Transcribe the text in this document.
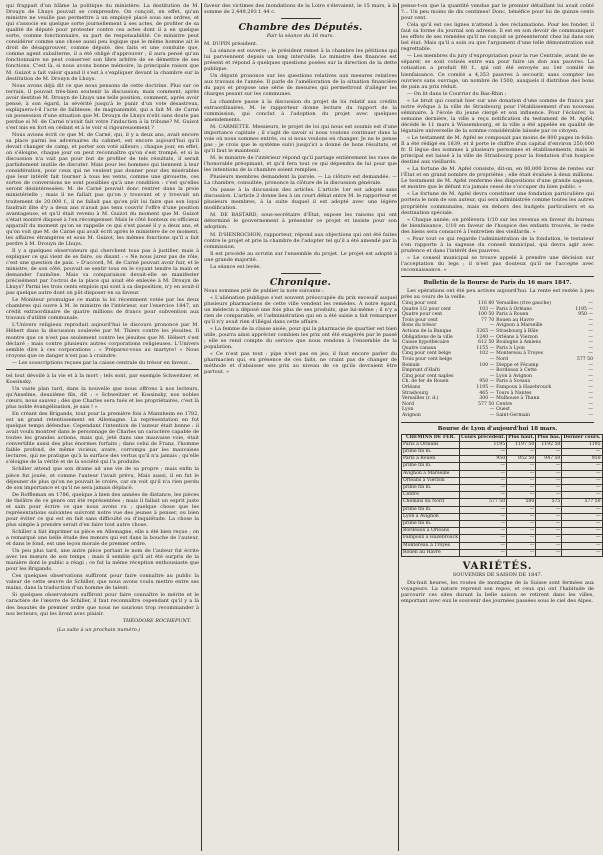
qui frappait d'un blâme la politique du ministère. La destitution de M. Drouyn de Lhuys pouvait se comprendre. On conçoit, en effet, qu'un ministre ne veuille pas permettre à un employé placé sous ses ordres, et qui s'associe en quelque sorte journellement à ses actes, de profiter de sa qualité de député pour protester contre ces actes dont il a en quelque sorte, comme fonctionnaire, sa part de responsabilité. Ce ministre peut considérer comme une chose aussi peu logique que le même homme ait le droit de désapprouver, comme député, des faits et une conduite que, comme agent subalterne, il a été obligé d'approuver ; il aura pensé qu'un fonctionnaire ne peut conserver son libre arbitre de se démettre de ses fonctions. C'est là, si nous avons bonne mémoire, la principale raison que M. Guizot a fait valoir quand il s'est à s'expliquer devant la chambre sur la destitution de M. Drouyn de Lhuys.

Nous avons déjà dit ce que nous pensons de cette doctrine. Plus sur ce terrain, il pouvait très-bien soutenir la discussion; mais comment, après avoir destitué M. Drouyn de Lhuys une telle position, comment, après avoir pensé, à son égard, la sévérité jusqu'à le punir d'un vote désastreux, expliquera-t-il l'acte de faiblesse, de magnanimité, qui a fait M. de Carné un possession d'une situation que M. Drouyn de Lhuys n'eût sans doute pas perdue si M. de Carné n'avait fait votre l'induction à la tribune? M. Guizot s'est mis en fort en cédant et à le voir si rigoureusement ?

Nous avions écrit ce que M. de Carné, qui, il y a deux ans, avait encore sa place parmi les adversaires du cabinet, est encore aujourd'hui qu'il devait changer de camp, et porter son voté ailleurs ; chaque jour, en effet, on s'éloigne, chaque jour on peut reconnaître qu'on s'est trompé, et si la discussion n'a vait pas pour but de profiter de tels résultats, il serait parfaitement inutile de discuter. Mais pour les hommes qui tiennent à leur considération, pour ceux qui ne veulent pas donner pour des misérables que leur intérêt fait tourner à tous les vents, comme une girouette, ces sortes de conversions ne sont possibles qu'à une condition : c'est qu'elles seront désintéressées. M. de Carné pouvait donc rentrer dans la proie ministérielle ; mais il ne fallait pas qu'on y trouvant et y trouvait un traitement de 20,000 f., il ne fallait pas qu'en pût lui faire que son loyal faudrait ilite d'y a deux ans n'avait pas tenu couvrir l'offre d'une position avantageuse, et qu'il était revenu à M. Guizot du moment que M. Guizot s'était montré disposé à l'en récompenser. Mais le côté honteux ou officieux apparaît du moment qu'on se rappelle ce qui s'est passé il y a deux ans, et qu'on voit que M. de Carné qui avait écrit après le ministère de ce moment, les affaires étrangères et sous M. Guizot, les mêmes fonctions qu'il a fait perdre à M. Drouyn de Lhuys.

Il y a quelques observateurs qui cherchent tous pas à justifier, mais à expliquer ce qui vient de se faire, ou disant : « Ne nous jurez pas de rôle, c'est une question de paix. » D'accord, M. de Carné pouvait avoir fuir, et le ministre, de son côté, pouvait se sentir tous en le voyant tendre la main et demander l'aumône. Mais va comparaison devait-elle se manifester précisément par l'octroi de la place qui avait été enlevée à M. Drouyn de Lhuys? Parmi les trois cents emplois qui sont à sa disposition, n'y en avait-il pas quelque autre dont on pût disposer en sa faveur.

Le Moniteur promulgue ce matin la loi récemment votée par les deux chambres qui ouvre à M. le ministre de l'intérieur, sur l'exercice 1847, un crédit extraordinaire de quatre millions de francs pour subvention aux travaux d'utilité communale.

L'Univers religieux reproduit aujourd'hui le discours prononcé par M. Hébert dans la discussion soulevée par M. Thiers contre les jésuites. Il montre que ce n'est pas seulement contre les jésuites que M. Hébert s'est déclaré ; mais contre plusieurs autres corporations religieuses. L'Univers semble dire à ces corporations : « Préparez-vous au martyre! » Nous croyons que ce danger n'est pas à craindre.

— Les souscriptions reçues par la caisse centrale du trésor en faveur...

tel tout dévoilé à la vie et à la mort ; tels sont, par exemple Schweitzer, et Kossinsky.

Un vaste plan tard, dans la nouvelle que nous offrons à nos lecteurs, qu'Anselme, deuxième fils, dit : « Schweitzer et Kossinsky, nos nobles cœurs, nous sauvez ; dès que Charles sera tués et les propriétaires, c'est là plus noble évangélisation, je sais ! »

En créant des Brigands, tout pour la première fois à Mannheim en 1782, est un grand retentissement en Allemagne. La représentation en fut quelque temps défendue. Cependant l'intention de l'auteur était bonne : il avait voulu montrer dans le personnage de Charles un caractère capable de toutes les grandes actions, mais qui, jeté dans une mauvaise voie, était convertible aussi des plus énormes forfaits ; dans celui de Franz, l'homme faible profond, de même vicieux, avare, corrompu par les mauvaises lectures, qui ne pratique qu'à la surface des vertus qu'il n'a jamais ; qu'elle s'éloigne de la vérité et de la société qui l'a produite.

Schiller attend que son drame ait une vie de sa propre ; mais enfin la pièce fut jouée, et comme l'auteur l'avait prévu, Mais aussi, il en fut le déjeuner de plus qu'on ne pouvait le croire, car on voit qu'il n'a rien perdu de son importance et qu'il ne sera jamais déplacé.

De Roffleman en 1786, quelque à bien des années de distance, les pièces de théâtre de ce genre ont été représentées ; mais il fallait un esprit juste et sain pour écrire ce que nous avons vu ; quelque chose que les représentations suivantes suivront notre vue des jeunes à penser, ou bien pour éviter ce qui est en fait sans difficulté ou d'inquiétude. La chose la plus simple à prendre serait d'en faire tout autre chose.

Schiller a fait imprimer sa pièce en Allemagne, elle a été bien reçue ; on a remarqué une belle étude des mœurs qui est dans la bouche de l'auteur, et dans le fond, est une leçon morale de premier ordre.

Un peu plus tard, une autre pièce portant le nom de l'auteur fut écrite avec les mœurs de son temps ; mais il semble qu'il ait été surpris de la manière dont le public a réagi ; ce fut la même réception enthousiaste que pour les Brigands.

Ces quelques observations suffiront pour faire connaître au public la valeur de cette œuvre de Schiller, que nous avons voulu mettre entre ses mains, dans la traduction d'un homme de talent.

Si quelques observateurs suffiront pour faire connaître le mérite et le caractère de l'œuvre de Schiller, il faut reconnaître cependant qu'il y a là des beautés de premier ordre que nous ne saurions trop recommander à nos lecteurs, qui les liront avec plaisir.

THÉODORE ROCHEPUNT.
(La suite à un prochain numéro.)

faveur des victimes des inondations de la Loire s'élevaient, le 15 mars, à la somme de 2,449,293 f. 44 c.

Chambre des Députés.
Pair la séance du 16 mars.

M. DUPIN président.

La séance est ouverte ; le président remet à la chambre les pétitions qui lui parviennent depuis un long intervalle. Le ministre des finances est présent et répond à quelques questions posées sur la direction de la dette publique.

Un député prononce sur les questions relatives aux mesures relatives aux travaux de l'année. Il parle de l'amélioration de la situation financière du pays et propose une série de mesures qui permettront d'alléger les charges pesant sur les communes.

La chambre passe à la discussion du projet de loi relatif aux crédits extraordinaires. M. le rapporteur donne lecture du rapport de la commission, qui conclut à l'adoption du projet avec quelques amendements.

M. CARMETTE. Messieurs, le projet de loi qui nous est soumis est d'une importance capitale ; il s'agit de savoir si nous voulons continuer dans la voie où nous sommes entrés, ou si nous voulons en changer. Je ne le pense pas ; je crois que le système suivi jusqu'ici a donné de bons résultats, et qu'il faut le maintenir.

M. le ministre de l'intérieur répond qu'il partage entièrement les vues de l'honorable préopinant, et qu'il fera tout ce qui dépendra de lui pour que les intentions de la chambre soient remplies.

Plusieurs membres demandent la parole. — La clôture est demandée. — La chambre, consultée, prononce la clôture de la discussion générale.

On passe à la discussion des articles. L'article 1er est adopté sans discussion. L'article 2 donne lieu à un court débat entre M. le rapporteur et plusieurs membres, à la suite duquel il est adopté avec une légère modification.

M. DE BASTARD, sous-secrétaire d'État, expose les raisons qui ont déterminé le gouvernement à présenter ce projet et insiste pour son adoption.

M. D'HENROCHON, rapporteur, répond aux objections qui ont été faites contre le projet et prie la chambre de l'adopter tel qu'il a été amendé par la commission.

Il est procédé au scrutin sur l'ensemble du projet. Le projet est adopté à une grande majorité.

La séance est levée.

Chronique.

Nous sommes prié de publier la note suivante :

« L'aliénation publique s'est souvent préoccupée du prix excessif auquel plusieurs pharmaciens de cette ville vendent les remèdes. À notre égard, un médecin a déposé une fois plus de ses produits, que lui-même ; il n'y a rien de comparable, et l'administration qui en a été saisie a fait remarquer qu'il n'y avait rien d'illégal dans cette affaire.

« La femme de la classe aisée, pour qui la pharmacie de quartier est bien utile, pourra ainsi apprécier combien les prix ont été exagérés par le passé ; elle se rend compte du service que nous rendons à l'ensemble de la population.

« Ce n'est pas tout : pipe n'est pas en jeu; il faut encore parler du pharmacien qui, en présence de ces faits, ne craint pas de changer de méthode et d'abaisser ses prix au niveau de ce qu'ils devraient être partout. »

pense-t-on que la quantité vendue par le premier détaillant lui avait coûté ?... Un peu moins de dix centimes! Donc, bénéfice pour lui de quinze cents pour cent.

Cela qu'il est ces lignes n'attend à des réclamations. Pour les fonder, il faut sa forme du journal son adresse. Il est en son devoir de communiquer les effets de ses remèdes qu'il ne conçoit se présenteront chez lui dans son bel état. Mais qu'il a soin ou que l'argument d'une telle démonstration soit regrettable.

— Les membres du jury d'expropriation pour la rue Centrale, avant de se séparer, se sont cotisés entre eux pour faire un don aux pauvres. La cotisation a produit 80 f., qui ont été envoyés au 1er comité de bienfaisance. Ce comité a 4,353 pauvres à secourir, sans compter les ouvriers sans ouvrage, un nombre de 1500, auxquels il distribue des bons de pain au prix réduit.

— On lit dans le Courrier du Bas-Rhin :

« Le bruit qui courait hier sur une donation d'une somme de francs par notre évêque à la ville de Strasbourg pour l'établissement d'un nouveau séminaire, à l'école du jeune clergé et son influence. Pour l'éclairer, la semaine dernière, la ville a reçu notification du testament de M. Apfel, décédé le 11 mars à Wissembourg, et la ville a été appelée en qualité de légataire universelle de la somme considérable laissée par ce citoyen.

« Le testament de M. Apfel se composait pas moins de 800 pages in-folio. Il a été rédigé en 1839, et il porte le chiffre d'un capital d'environ 250,000 fr. Il lègue des sommes à plusieurs personnes et établissements, mais le principal est laissé à la ville de Strasbourg pour la fondation d'un hospice destiné aux vieillards.

« La fortune de M. Apfel consiste, dit-on, en 80,000 livres de rentes sur l'État et en grand nombre de propriétés ; elle était évaluée à deux millions. Le testament de M. Apfel renferme des dispositions d'une grande sagesse, et montre que le défunt n'a jamais cessé de s'occuper du bien public. »

« Le fortune de M. Apfel devra constituer une fondation particulière qui portera le nom de son auteur, qui sera administrée comme toutes les autres propriétés communales, mais en dehors des budgets particuliers et sa destination spéciale.

« Chaque année, on prélèvera 1/10 sur les revenus en faveur du bureau de bienfaisance, 1/10 en faveur de l'hospice des enfants trouvés, le reste des biens sera consacré à l'entretien des vieillards. »

« Pour tout ce qui regarde l'administration de la fondation, le testateur s'en rapporte à la sagesse du conseil municipal, qui devra agir avec prudence et dans l'intérêt des pauvres.

« Le conseil municipal se trouve appelé à prendre une décision sur l'acceptation du legs ; il n'est pas douteux qu'il ne l'accepte avec reconnaissance. »

Bulletin de la Bourse de Paris du 16 mars 1847.

Les opérations ont été peu actives aujourd'hui. La rente est restée à peu près au cours de la veille.

Cinq pour cent	116 80	Versailles (rive gauche)	—
Quatre 1/2 pour cent	103 —	Paris à Orléans	1195 —
Quatre pour cent	100 50	Paris à Rouen	950 —
Trois pour cent	77 70	Rouen au Havre	—
Bons du trésor	—	Avignon à Marseille	—
Actions de la Banque	3265 —	Strasbourg à Bâle	—
Obligations de la ville	1240 —	Orléans à Vierzon	—
Caisse hypothécaire	612 50	Boulogne à Amiens	—
Quatre canaux	1155 —	Paris à Lyon	—
Cinq pour cent belge	102 —	Montereau à Troyes	—
Trois pour cent belge	—	Nord	577 50
Romain	100 —	Dieppe et Fécamp	—
Emprunt d'Haïti	—	Bordeaux à Cette	—
Cinq pour cent naples	—	Lyon à Avignon	—
Ch. de fer de Rouen	950 —	Paris à Sceaux	—
Orléans	1195 —	Fampoux à Hazebrouck	—
Strasbourg	465 —	Tours à Nantes	—
Versailles (r. d.)	300 —	Mulhouse à Thann	—
Nord	577 50	Centre	—
Lyon	—	Ouest	—
Avignon	—	Saint-Germain	—
Bourse de Lyon d'aujourd'hui 18 mars.
CHEMINS DE FER.	Cours précédent.	Plus haut.	Plus bas.	Dernier cours.
Paris à Orléans	1195	1197 50	1192 50	1195
prime fin m.	—	—	—	—
Paris à Rouen	950	952 50	947 50	950
prime fin m.	—	—	—	—
Avignon à Marseille	—	—	—	—
Orléans à Vierzon	—	—	—	—
prime fin m.	—	—	—	—
Centre	—	—	—	—
Chemins du Nord	577 50	580	575	577 50
prime fin m.	—	—	—	—
Lyon à Avignon	—	—	—	—
prime fin m.	—	—	—	—
Bordeaux à Orléans	—	—	—	—
Fampoux à Hazebrouck	—	—	—	—
Montereau à Troyes	—	—	—	—
Rouen au Havre	—	—	—	—
VARIÉTÉS.
SOUVENIRS DE SAISON DE 1847.

Dix-huit heures, les routes de montagne de la Suisse sont fermées aux voyageurs. La nature reprend son repos, et ceux qui ont l'habitude de parcourir ces sites durant la belle saison se retirent dans les villes, emportant avec eux le souvenir des journées passées sous le ciel des Alpes.
